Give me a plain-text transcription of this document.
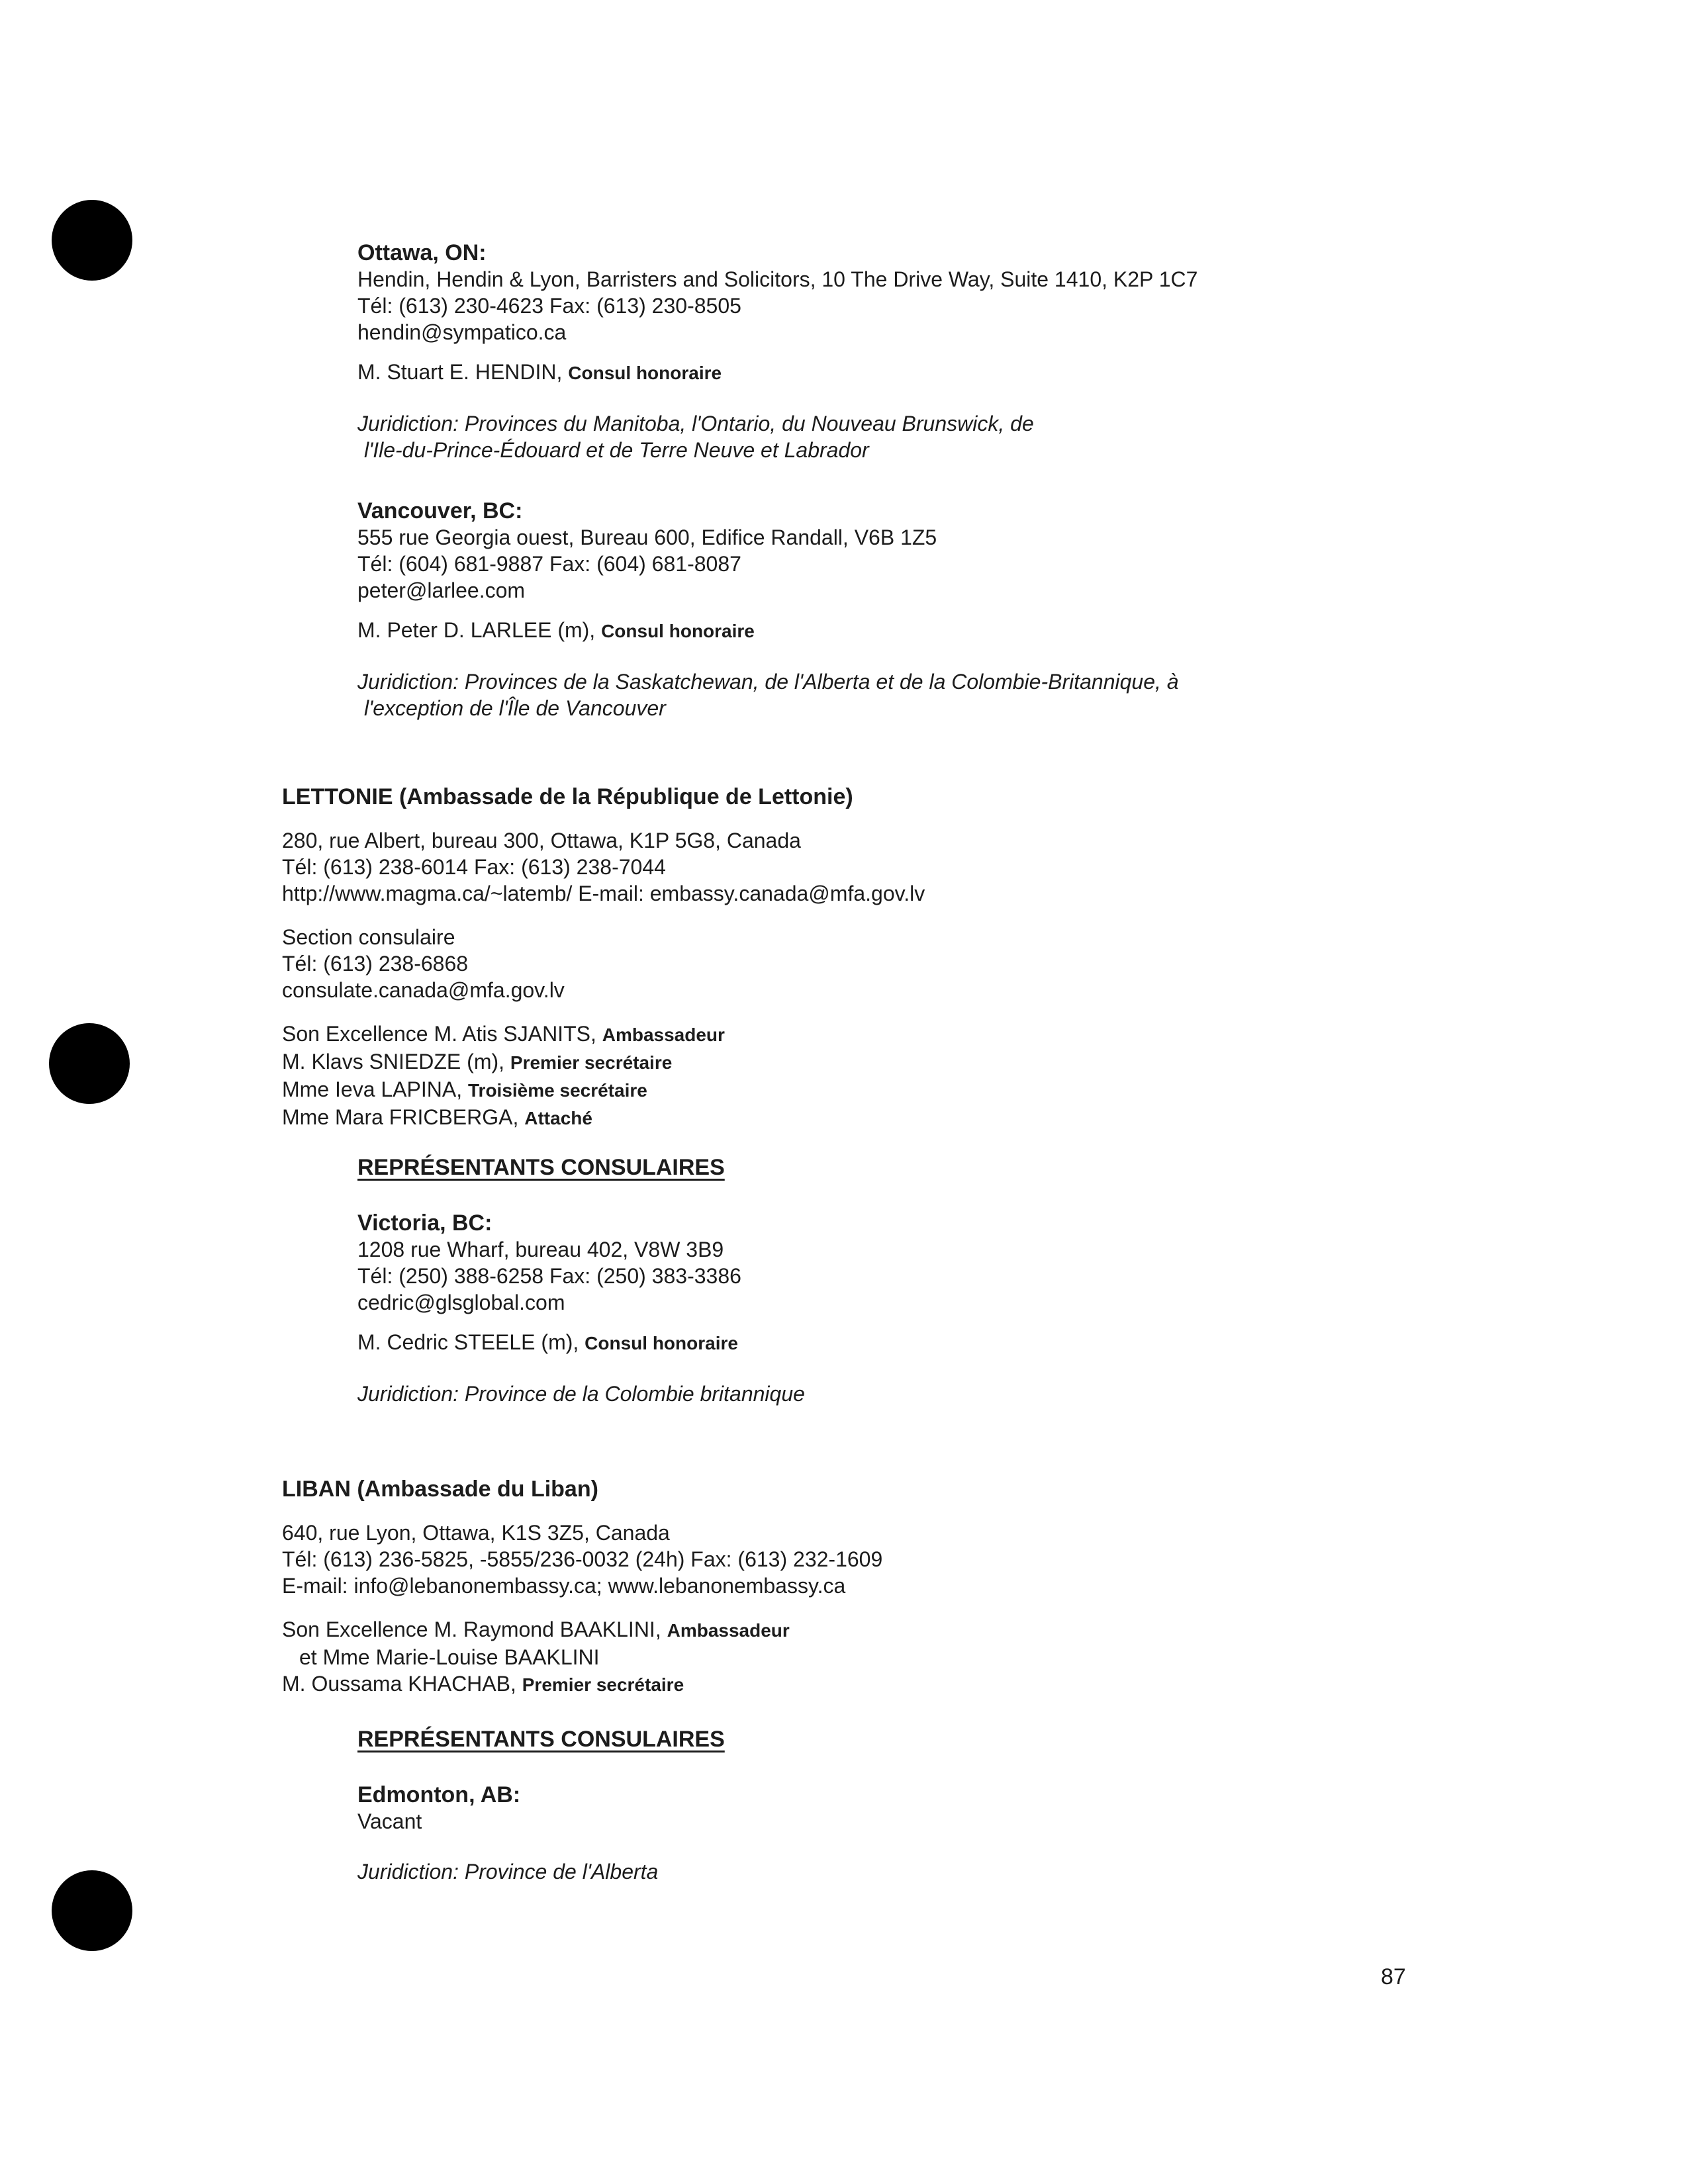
Ottawa, ON:
Hendin, Hendin & Lyon, Barristers and Solicitors, 10 The Drive Way, Suite 1410, K2P 1C7
Tél: (613) 230-4623 Fax: (613) 230-8505
hendin@sympatico.ca
M. Stuart E. HENDIN, Consul honoraire
Juridiction: Provinces du Manitoba, l'Ontario, du Nouveau Brunswick, de
l'Ile-du-Prince-Édouard et de Terre Neuve et Labrador
Vancouver, BC:
555 rue Georgia ouest, Bureau 600, Edifice Randall, V6B 1Z5
Tél: (604) 681-9887 Fax: (604) 681-8087
peter@larlee.com
M. Peter D. LARLEE (m), Consul honoraire
Juridiction: Provinces de la Saskatchewan, de l'Alberta et de la Colombie-Britannique, à
l'exception de l'Île de Vancouver
LETTONIE (Ambassade de la République de Lettonie)
280, rue Albert, bureau 300, Ottawa, K1P 5G8, Canada
Tél: (613) 238-6014 Fax: (613) 238-7044
http://www.magma.ca/~latemb/ E-mail: embassy.canada@mfa.gov.lv
Section consulaire
Tél: (613) 238-6868
consulate.canada@mfa.gov.lv
Son Excellence M. Atis SJANITS, Ambassadeur
M. Klavs SNIEDZE (m), Premier secrétaire
Mme Ieva LAPINA, Troisième secrétaire
Mme Mara FRICBERGA, Attaché
REPRÉSENTANTS CONSULAIRES
Victoria, BC:
1208 rue Wharf, bureau 402, V8W 3B9
Tél: (250) 388-6258 Fax: (250) 383-3386
cedric@glsglobal.com
M. Cedric STEELE (m), Consul honoraire
Juridiction: Province de la Colombie britannique
LIBAN (Ambassade du Liban)
640, rue Lyon, Ottawa, K1S 3Z5, Canada
Tél: (613) 236-5825, -5855/236-0032 (24h) Fax: (613) 232-1609
E-mail: info@lebanonembassy.ca; www.lebanonembassy.ca
Son Excellence M. Raymond BAAKLINI, Ambassadeur
et Mme Marie-Louise BAAKLINI
M. Oussama KHACHAB, Premier secrétaire
REPRÉSENTANTS CONSULAIRES
Edmonton, AB:
Vacant
Juridiction: Province de l'Alberta
87
